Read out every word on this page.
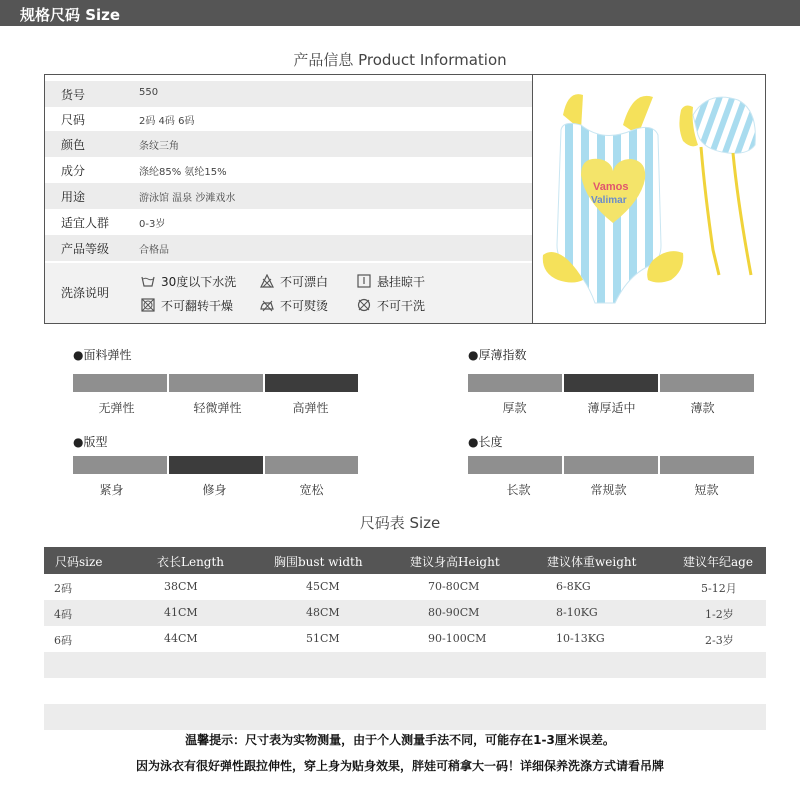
规格尺码 Size
产品信息 Product Information
货号	550
尺码	2码 4码 6码
颜色	条纹三角
成分	涤纶85% 氨纶15%
用途	游泳馆 温泉 沙滩戏水
适宜人群	0-3岁
产品等级	合格品
洗涤说明
30度以下水洗	不可漂白	悬挂晾干
不可翻转干燥	不可熨烫	不可干洗
Vamos
Valimar
●面料弹性
无弹性	轻微弹性	高弹性
●厚薄指数
厚款	薄厚适中	薄款
●版型
紧身	修身	宽松
●长度
长款	常规款	短款
尺码表 Size
尺码size	衣长Length	胸围bust width	建议身高Height	建议体重weight	建议年纪age
2码	38CM	45CM	70-80CM	6-8KG	5-12月
4码	41CM	48CM	80-90CM	8-10KG	1-2岁
6码	44CM	51CM	90-100CM	10-13KG	2-3岁
温馨提示：尺寸表为实物测量，由于个人测量手法不同，可能存在1-3厘米误差。
因为泳衣有很好弹性跟拉伸性，穿上身为贴身效果，胖娃可稍拿大一码！详细保养洗涤方式请看吊牌
